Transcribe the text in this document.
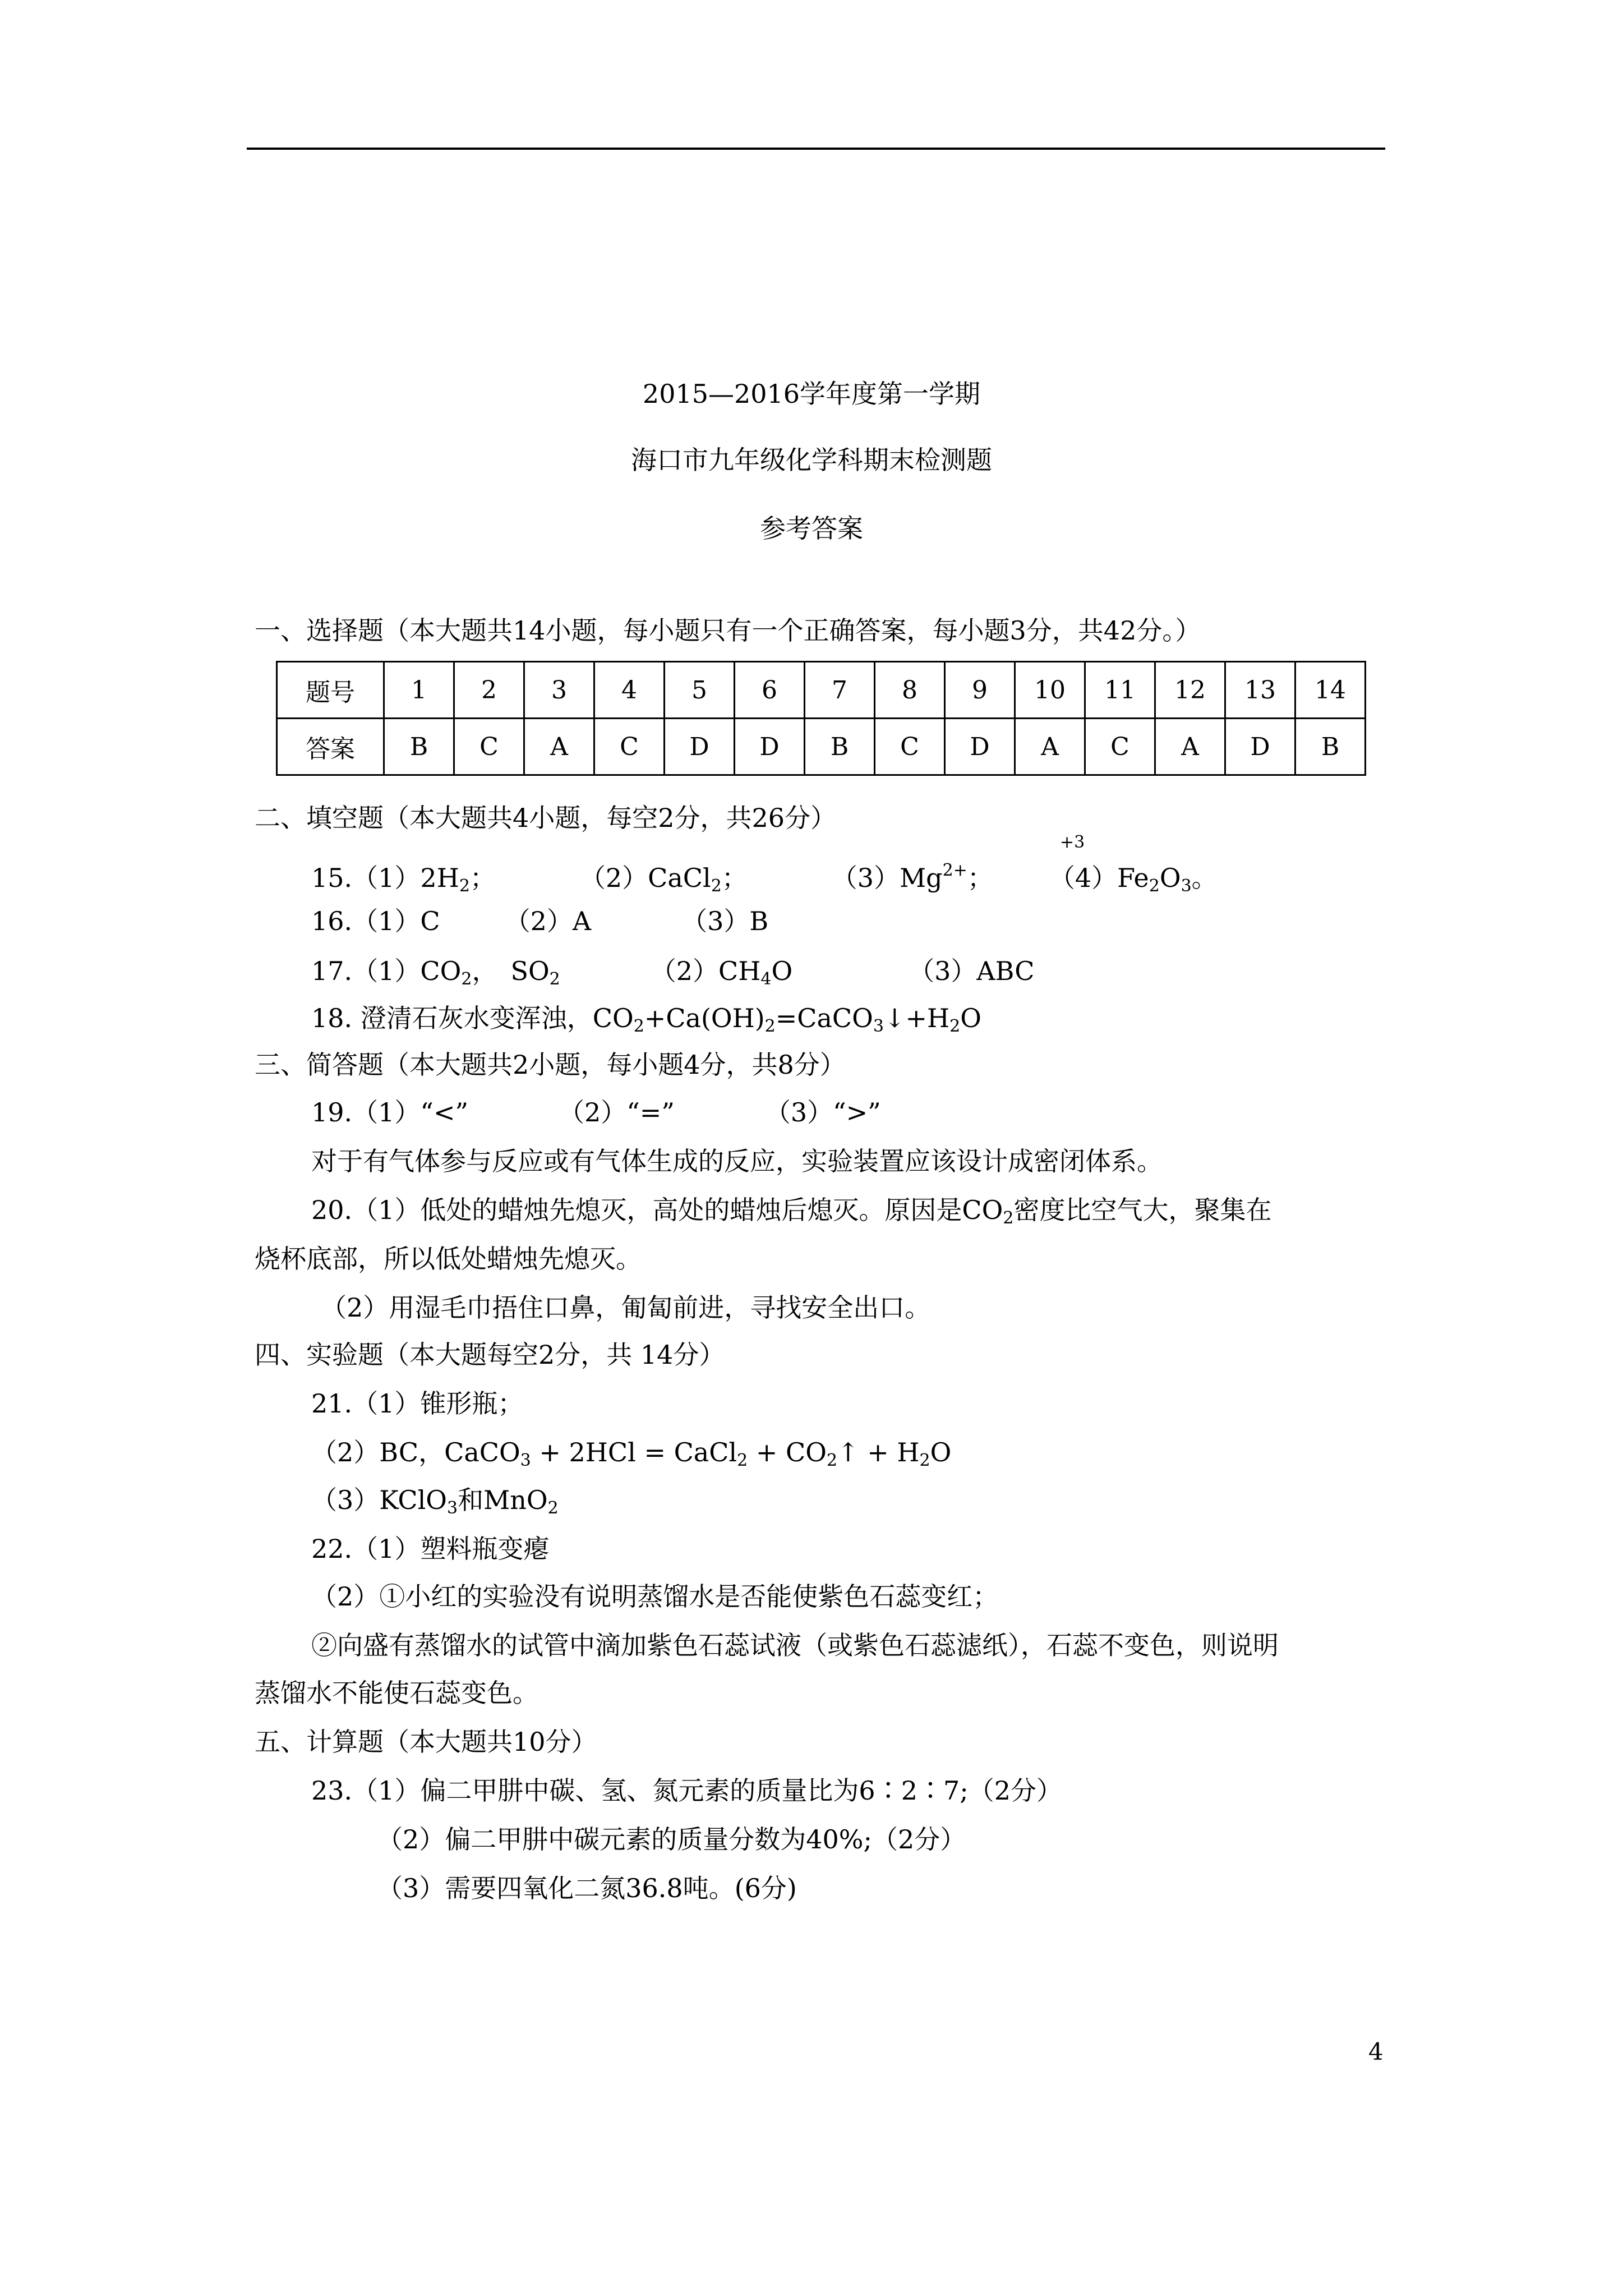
2015—2016学年度第一学期
海口市九年级化学科期末检测题
参考答案
一、选择题（本大题共14小题，每小题只有一个正确答案，每小题3分，共42分。）
题号	1	2	3	4	5	6	7	8	9	10	11	12	13	14
答案	B	C	A	C	D	D	B	C	D	A	C	A	D	B
二、填空题（本大题共4小题，每空2分，共26分）
+3
$15.(1)2H_2$；	（2）CaCl$_2$；	$(3)Mg^{2+}$； $(4)Fe_2O_3$。
16.（1）C　　　（2）A　　　　（3）B
$17.(1)CO_2$，　$SO_2$　　　　$(2)CH_4O$　　　　　（3）ABC
18. 澄清石灰水变浑浊，$CO_2+Ca(OH)_2=CaCO_3↓+H_2O$
三、简答题（本大题共2小题，每小题4分，共8分）
19.（1）“<”　　　　（2）“=”　　　　（3）“>”
对于有气体参与反应或有气体生成的反应，实验装置应该设计成密闭体系。
20.（1）低处的蜡烛先熄灭，高处的蜡烛后熄灭。原因是$CO_2$密度比空气大，聚集在
烧杯底部，所以低处蜡烛先熄灭。
（2）用湿毛巾捂住口鼻，匍匐前进，寻找安全出口。
四、实验题（本大题每空2分，共 14分）
21.（1）锥形瓶；
（2）BC，CaCO$_3$ + 2HCl = CaCl$_2$ + $CO_2↑ + H_2O$
（3）KClO$_3$和MnO$_2$
22.（1）塑料瓶变瘪
（2）①小红的实验没有说明蒸馏水是否能使紫色石蕊变红；
②向盛有蒸馏水的试管中滴加紫色石蕊试液（或紫色石蕊滤纸），石蕊不变色，则说明
蒸馏水不能使石蕊变色。
五、计算题（本大题共10分）
23.（1）偏二甲肼中碳、氢、氮元素的质量比为6∶2∶7;（2分）
（2）偏二甲肼中碳元素的质量分数为40%;（2分）
（3）需要四氧化二氮36.8吨。(6分)
4
